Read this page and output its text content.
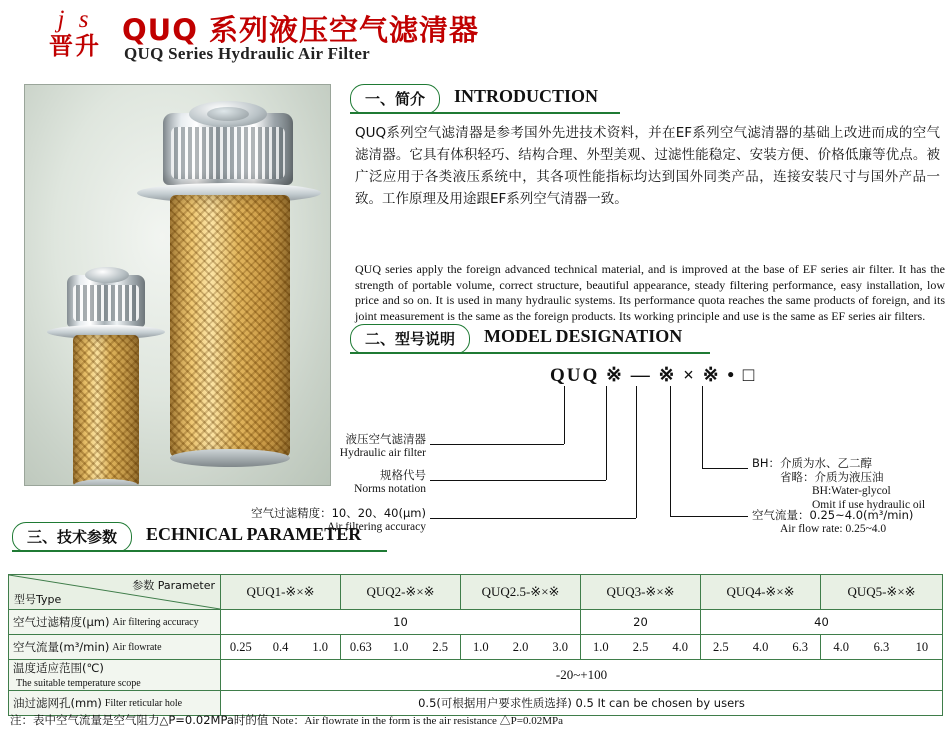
j s
晋升 QUQ 系列液压空气滤清器
QUQ Series Hydraulic Air Filter
一、简介 INTRODUCTION
QUQ系列空气滤清器是参考国外先进技术资料，并在EF系列空气滤清器的基础上改进而成的空气滤清器。它具有体积轻巧、结构合理、外型美观、过滤性能稳定、安装方便、价格低廉等优点。被广泛应用于各类液压系统中，其各项性能指标均达到国外同类产品，连接安装尺寸与国外产品一致。工作原理及用途跟EF系列空气清器一致。
QUQ series apply the foreign advanced technical material, and is improved at the base of EF series air filter. It has the strength of portable volume, correct structure, beautiful appearance, steady filtering performance, easy installation, low price and so on. It is used in many hydraulic systems. Its performance quota reaches the same products of foreign, and its joint measurement is the same as the foreign products. Its working principle and use is the same as EF series air filters.
二、型号说明 MODEL DESIGNATION
QUQ ※ — ※ × ※ • □
液压空气滤清器
Hydraulic air filter
规格代号
Norms notation
空气过滤精度：10、20、40(μm)
Air filtering accuracy
BH：介质为水、乙二醇
省略：介质为液压油
BH:Water-glycol
Omit if use hydraulic oil
空气流量：0.25~4.0(m³/min)
Air flow rate: 0.25~4.0
三、技术参数 ECHNICAL PARAMETER
参数 Parameter
型号Type	QUQ1-※×※	QUQ2-※×※	QUQ2.5-※×※	QUQ3-※×※	QUQ4-※×※	QUQ5-※×※
空气过滤精度(μm) Air filtering accuracy	10			20	40	
空气流量(m³/min) Air flowrate	0.25 0.4 1.0	0.63 1.0 2.5	1.0 2.0 3.0	1.0 2.5 4.0	2.5 4.0 6.3	4.0 6.3 10

温度适应范围(℃)The suitable temperature scope	-20~+100					
油过滤网孔(mm) Filter reticular hole	0.5(可根据用户要求性质选择) 0.5 It can be chosen by users					
注：表中空气流量是空气阻力△P=0.02MPa时的值 Note：Air flowrate in the form is the air resistance △P=0.02MPa
